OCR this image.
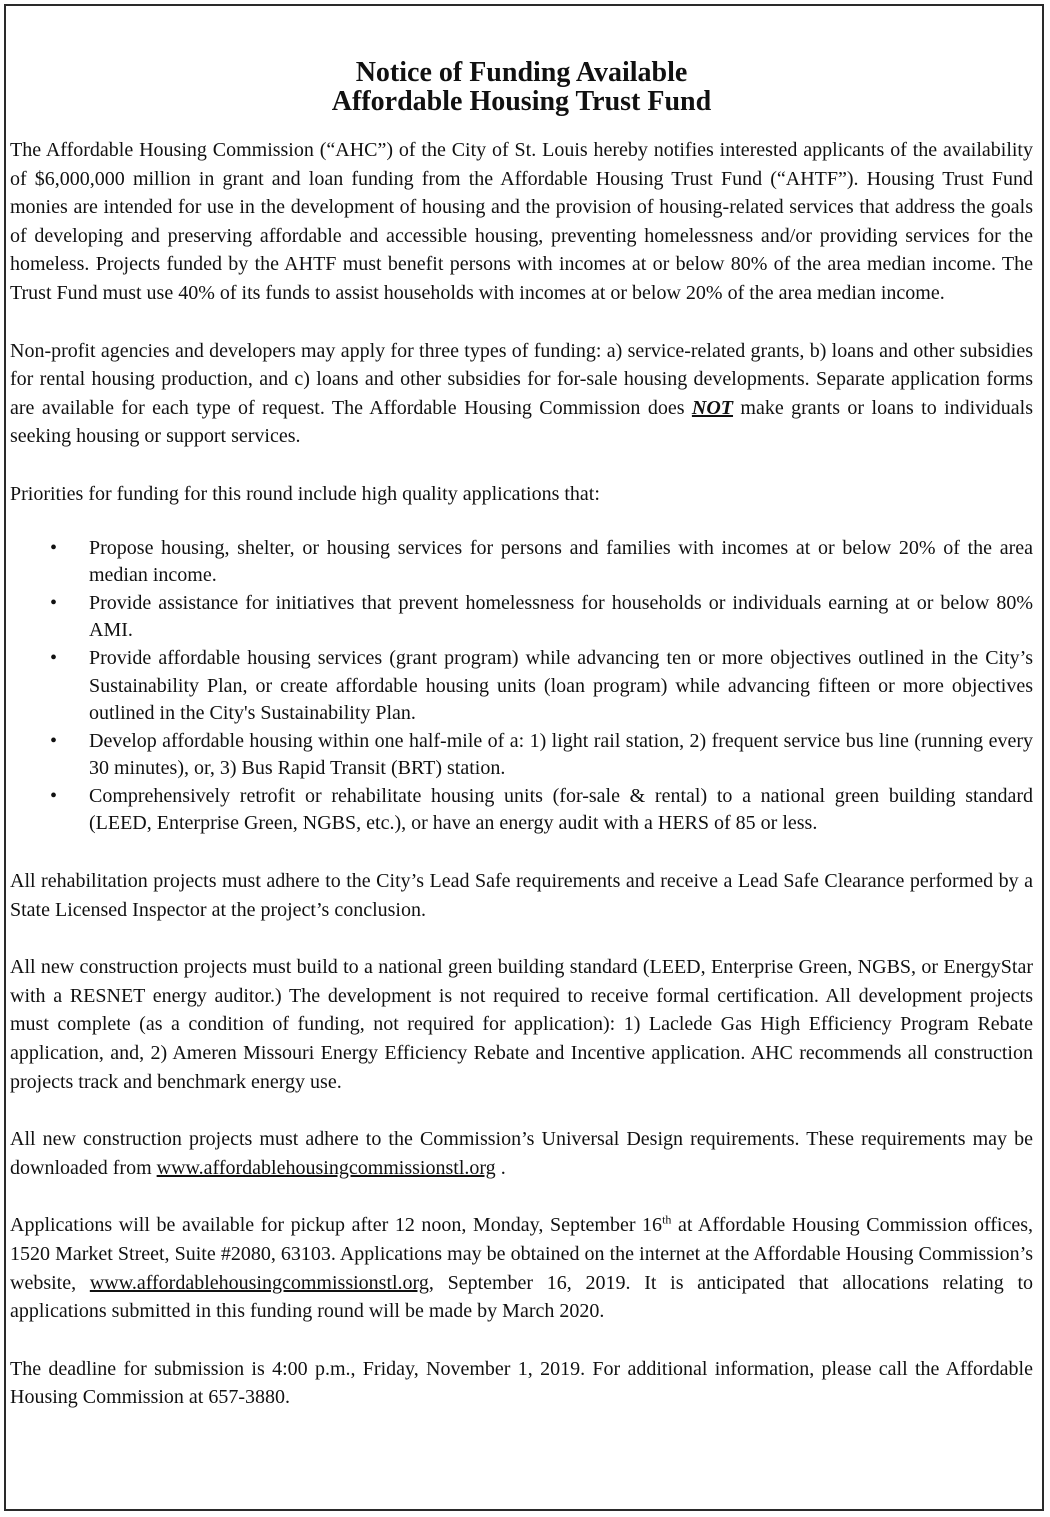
Notice of Funding Available
Affordable Housing Trust Fund

The Affordable Housing Commission (“AHC”) of the City of St. Louis hereby notifies interested applicants of the availability of $6,000,000 million in grant and loan funding from the Affordable Housing Trust Fund (“AHTF”). Housing Trust Fund monies are intended for use in the development of housing and the provision of housing-related services that address the goals of developing and preserving affordable and accessible housing, preventing homelessness and/or providing services for the homeless. Projects funded by the AHTF must benefit persons with incomes at or below 80% of the area median income. The Trust Fund must use 40% of its funds to assist households with incomes at or below 20% of the area median income.

Non-profit agencies and developers may apply for three types of funding: a) service-related grants, b) loans and other subsidies for rental housing production, and c) loans and other subsidies for for-sale housing developments. Separate application forms are available for each type of request. The Affordable Housing Commission does NOT make grants or loans to individuals seeking housing or support services.

Priorities for funding for this round include high quality applications that:

• Propose housing, shelter, or housing services for persons and families with incomes at or below 20% of the area median income.
• Provide assistance for initiatives that prevent homelessness for households or individuals earning at or below 80% AMI.
• Provide affordable housing services (grant program) while advancing ten or more objectives outlined in the City’s Sustainability Plan, or create affordable housing units (loan program) while advancing fifteen or more objectives outlined in the City's Sustainability Plan.
• Develop affordable housing within one half-mile of a: 1) light rail station, 2) frequent service bus line (running every 30 minutes), or, 3) Bus Rapid Transit (BRT) station.
• Comprehensively retrofit or rehabilitate housing units (for-sale & rental) to a national green building standard (LEED, Enterprise Green, NGBS, etc.), or have an energy audit with a HERS of 85 or less.

All rehabilitation projects must adhere to the City’s Lead Safe requirements and receive a Lead Safe Clearance performed by a State Licensed Inspector at the project’s conclusion.

All new construction projects must build to a national green building standard (LEED, Enterprise Green, NGBS, or EnergyStar with a RESNET energy auditor.) The development is not required to receive formal certification. All development projects must complete (as a condition of funding, not required for application): 1) Laclede Gas High Efficiency Program Rebate application, and, 2) Ameren Missouri Energy Efficiency Rebate and Incentive application. AHC recommends all construction projects track and benchmark energy use.

All new construction projects must adhere to the Commission’s Universal Design requirements. These requirements may be downloaded from www.affordablehousingcommissionstl.org .

Applications will be available for pickup after 12 noon, Monday, September 16th at Affordable Housing Commission offices, 1520 Market Street, Suite #2080, 63103. Applications may be obtained on the internet at the Affordable Housing Commission’s website, www.affordablehousingcommissionstl.org, September 16, 2019. It is anticipated that allocations relating to applications submitted in this funding round will be made by March 2020.

The deadline for submission is 4:00 p.m., Friday, November 1, 2019. For additional information, please call the Affordable Housing Commission at 657-3880.
